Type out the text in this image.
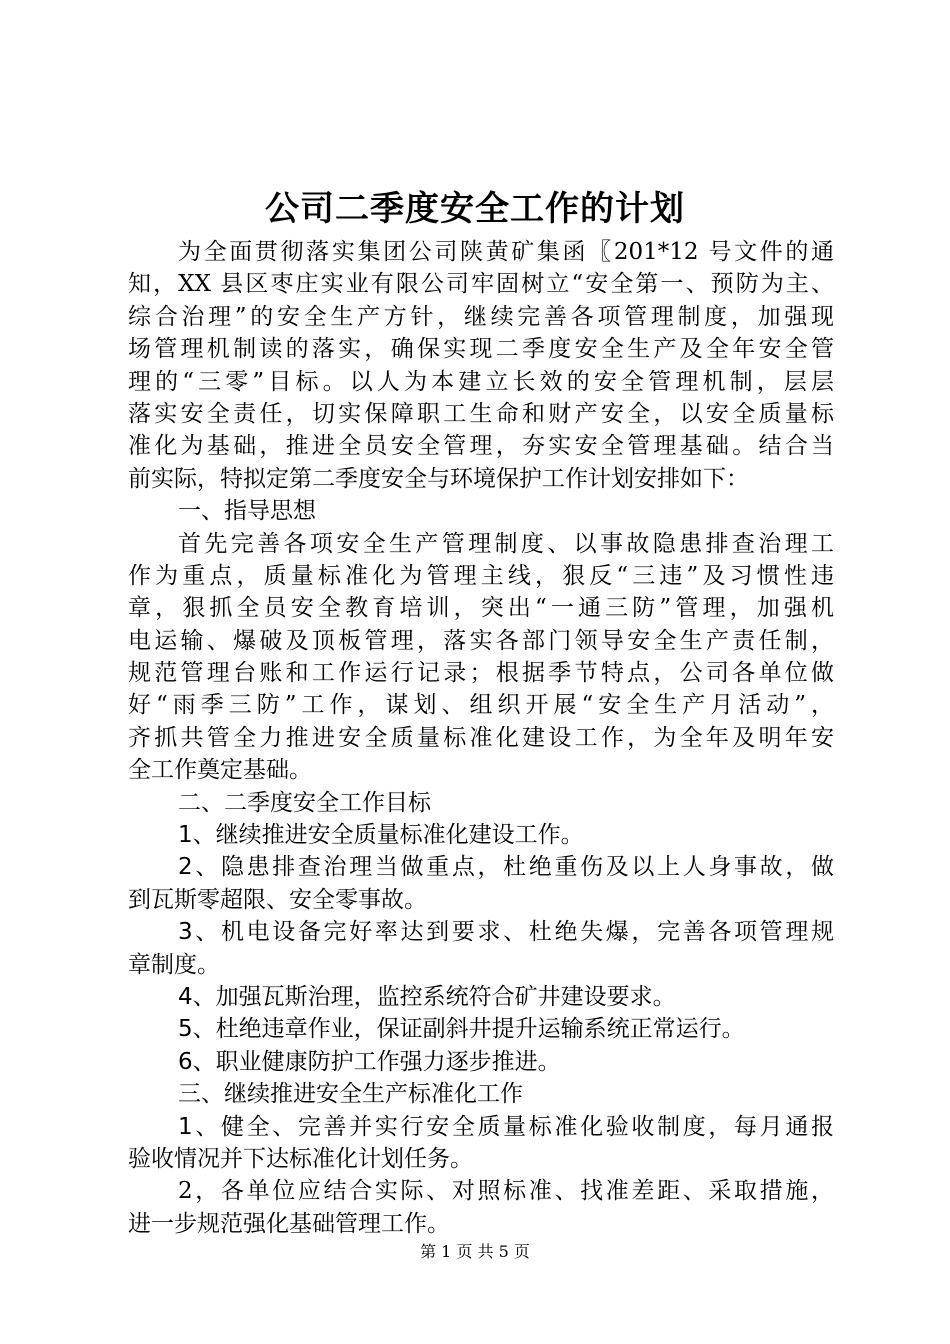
公司二季度安全工作的计划
为全面贯彻落实集团公司陕黄矿集函〖201*12 号文件的通
知，XX 县区枣庄实业有限公司牢固树立“安全第一、预防为主、
综合治理”的安全生产方针，继续完善各项管理制度，加强现
场管理机制读的落实，确保实现二季度安全生产及全年安全管
理的“三零”目标。以人为本建立长效的安全管理机制，层层
落实安全责任，切实保障职工生命和财产安全，以安全质量标
准化为基础，推进全员安全管理，夯实安全管理基础。结合当
前实际，特拟定第二季度安全与环境保护工作计划安排如下：
一、指导思想
首先完善各项安全生产管理制度、以事故隐患排查治理工
作为重点，质量标准化为管理主线，狠反“三违”及习惯性违
章，狠抓全员安全教育培训，突出“一通三防”管理，加强机
电运输、爆破及顶板管理，落实各部门领导安全生产责任制，
规范管理台账和工作运行记录；根据季节特点，公司各单位做
好“雨季三防”工作，谋划、组织开展“安全生产月活动”，
齐抓共管全力推进安全质量标准化建设工作，为全年及明年安
全工作奠定基础。
二、二季度安全工作目标
1、继续推进安全质量标准化建设工作。
2、隐患排查治理当做重点，杜绝重伤及以上人身事故，做
到瓦斯零超限、安全零事故。
3、机电设备完好率达到要求、杜绝失爆，完善各项管理规
章制度。
4、加强瓦斯治理，监控系统符合矿井建设要求。
5、杜绝违章作业，保证副斜井提升运输系统正常运行。
6、职业健康防护工作强力逐步推进。
三、继续推进安全生产标准化工作
1、健全、完善并实行安全质量标准化验收制度，每月通报
验收情况并下达标准化计划任务。
2，各单位应结合实际、对照标准、找准差距、采取措施，
进一步规范强化基础管理工作。
第 1 页 共 5 页
